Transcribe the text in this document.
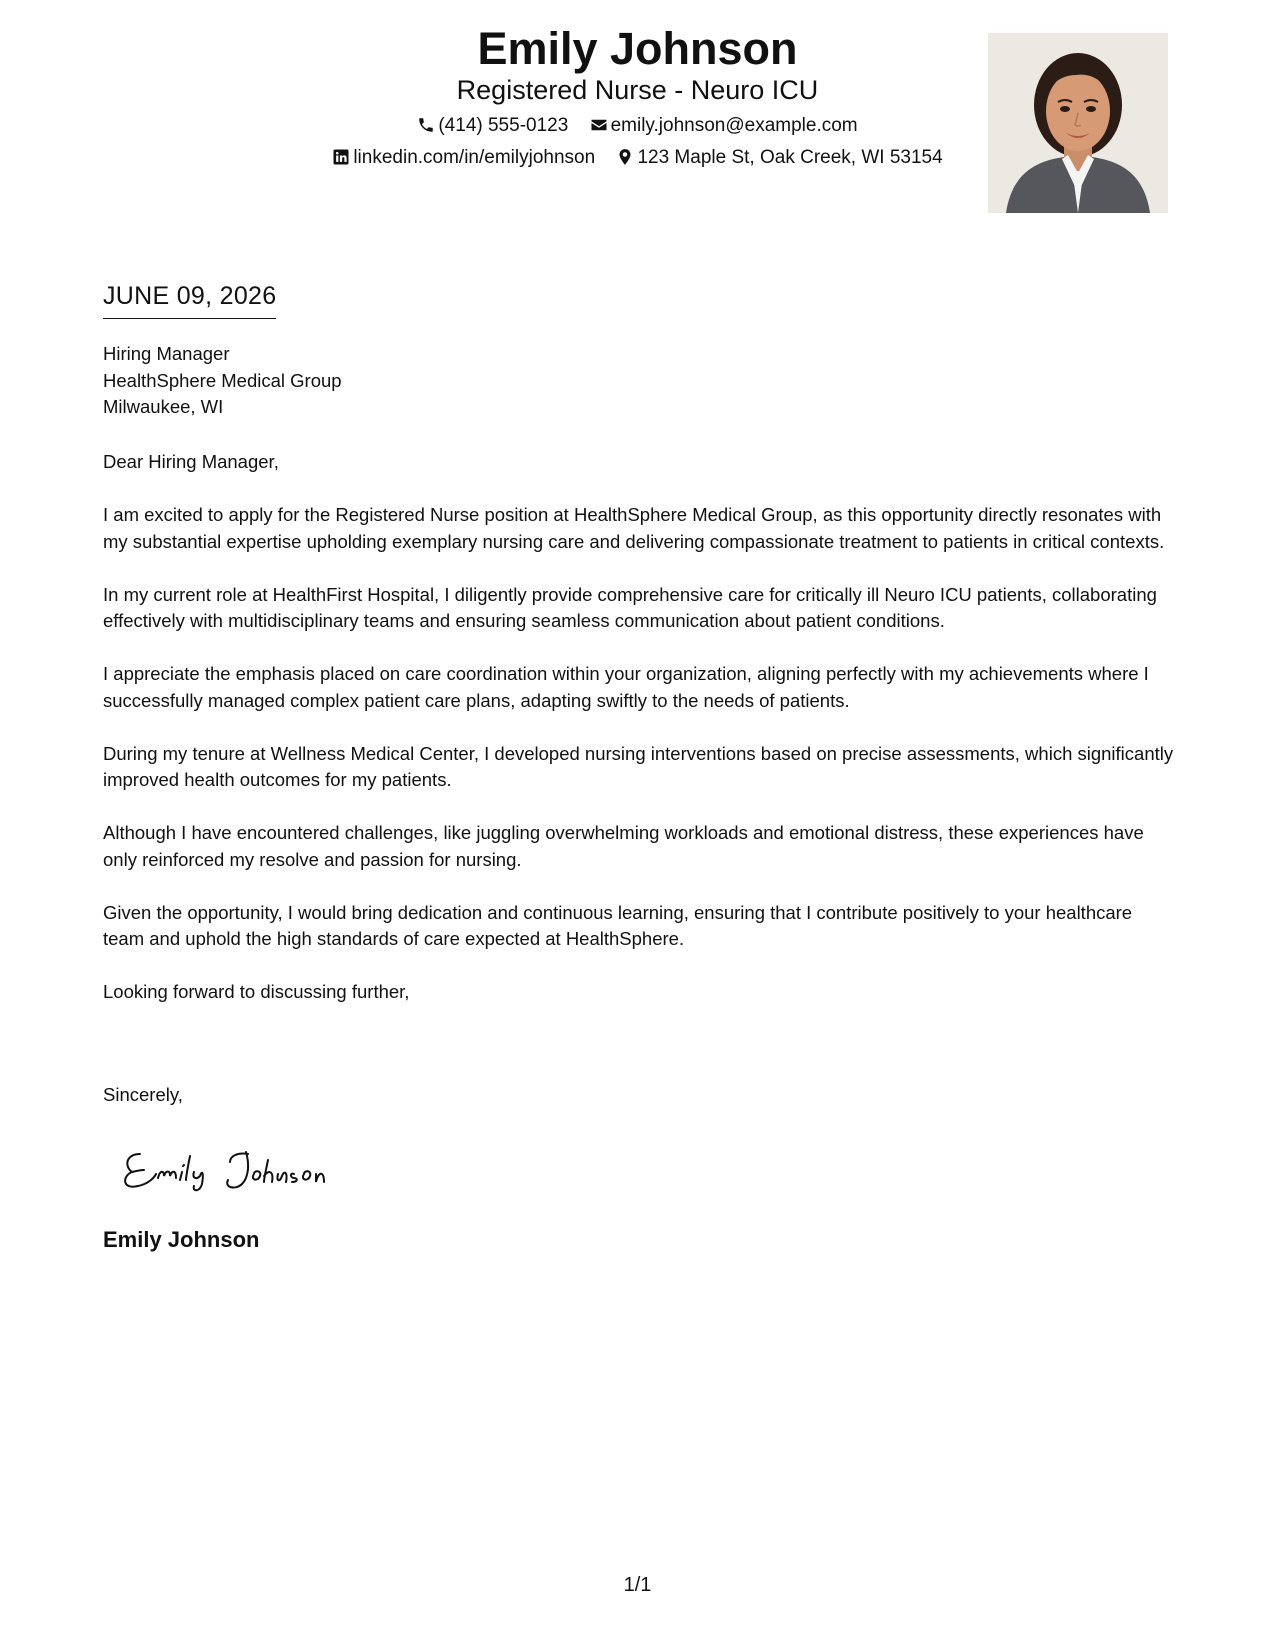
Emily Johnson
Registered Nurse - Neuro ICU
(414) 555-0123 emily.johnson@example.com
linkedin.com/in/emilyjohnson 123 Maple St, Oak Creek, WI 53154
JUNE 09, 2026
Hiring Manager
HealthSphere Medical Group
Milwaukee, WI

Dear Hiring Manager,

I am excited to apply for the Registered Nurse position at HealthSphere Medical Group, as this opportunity directly resonates with my substantial expertise upholding exemplary nursing care and delivering compassionate treatment to patients in critical contexts.

In my current role at HealthFirst Hospital, I diligently provide comprehensive care for critically ill Neuro ICU patients, collaborating effectively with multidisciplinary teams and ensuring seamless communication about patient conditions.

I appreciate the emphasis placed on care coordination within your organization, aligning perfectly with my achievements where I successfully managed complex patient care plans, adapting swiftly to the needs of patients.

During my tenure at Wellness Medical Center, I developed nursing interventions based on precise assessments, which significantly improved health outcomes for my patients.

Although I have encountered challenges, like juggling overwhelming workloads and emotional distress, these experiences have only reinforced my resolve and passion for nursing.

Given the opportunity, I would bring dedication and continuous learning, ensuring that I contribute positively to your healthcare team and uphold the high standards of care expected at HealthSphere.

Looking forward to discussing further,

Sincerely,
Emily Johnson
1/1
